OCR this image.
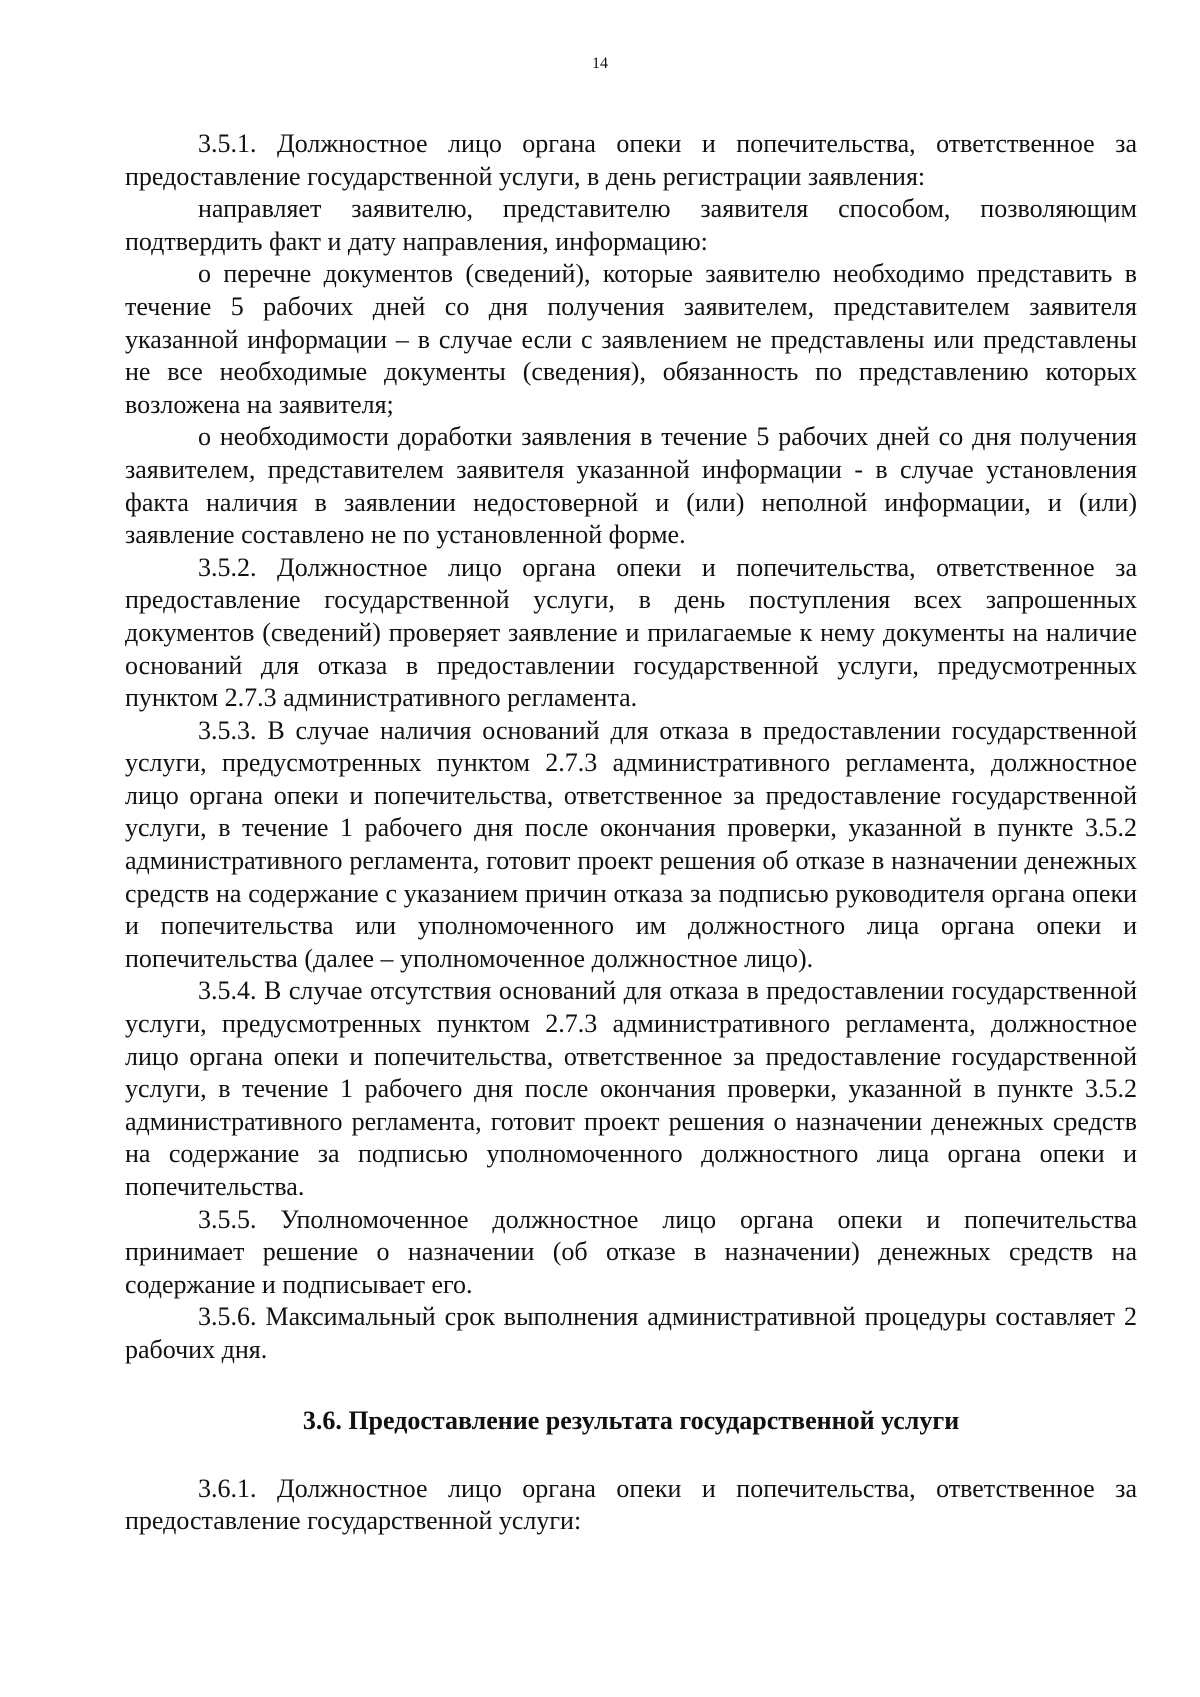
14

3.5.1. Должностное лицо органа опеки и попечительства, ответственное за предоставление государственной услуги, в день регистрации заявления:

направляет заявителю, представителю заявителя способом, позволяющим подтвердить факт и дату направления, информацию:

о перечне документов (сведений), которые заявителю необходимо представить в течение 5 рабочих дней со дня получения заявителем, представителем заявителя указанной информации – в случае если с заявлением не представлены или представлены не все необходимые документы (сведения), обязанность по представлению которых возложена на заявителя;

о необходимости доработки заявления в течение 5 рабочих дней со дня получения заявителем, представителем заявителя указанной информации - в случае установления факта наличия в заявлении недостоверной и (или) неполной информации, и (или) заявление составлено не по установленной форме.

3.5.2. Должностное лицо органа опеки и попечительства, ответственное за предоставление государственной услуги, в день поступления всех запрошенных документов (сведений) проверяет заявление и прилагаемые к нему документы на наличие оснований для отказа в предоставлении государственной услуги, предусмотренных пунктом 2.7.3 административного регламента.

3.5.3. В случае наличия оснований для отказа в предоставлении государственной услуги, предусмотренных пунктом 2.7.3 административного регламента, должностное лицо органа опеки и попечительства, ответственное за предоставление государственной услуги, в течение 1 рабочего дня после окончания проверки, указанной в пункте 3.5.2 административного регламента, готовит проект решения об отказе в назначении денежных средств на содержание с указанием причин отказа за подписью руководителя органа опеки и попечительства или уполномоченного им должностного лица органа опеки и попечительства (далее – уполномоченное должностное лицо).

3.5.4. В случае отсутствия оснований для отказа в предоставлении государственной услуги, предусмотренных пунктом 2.7.3 административного регламента, должностное лицо органа опеки и попечительства, ответственное за предоставление государственной услуги, в течение 1 рабочего дня после окончания проверки, указанной в пункте 3.5.2 административного регламента, готовит проект решения о назначении денежных средств на содержание за подписью уполномоченного должностного лица органа опеки и попечительства.

3.5.5. Уполномоченное должностное лицо органа опеки и попечительства принимает решение о назначении (об отказе в назначении) денежных средств на содержание и подписывает его.

3.5.6. Максимальный срок выполнения административной процедуры составляет 2 рабочих дня.

3.6. Предоставление результата государственной услуги

3.6.1. Должностное лицо органа опеки и попечительства, ответственное за предоставление государственной услуги:
